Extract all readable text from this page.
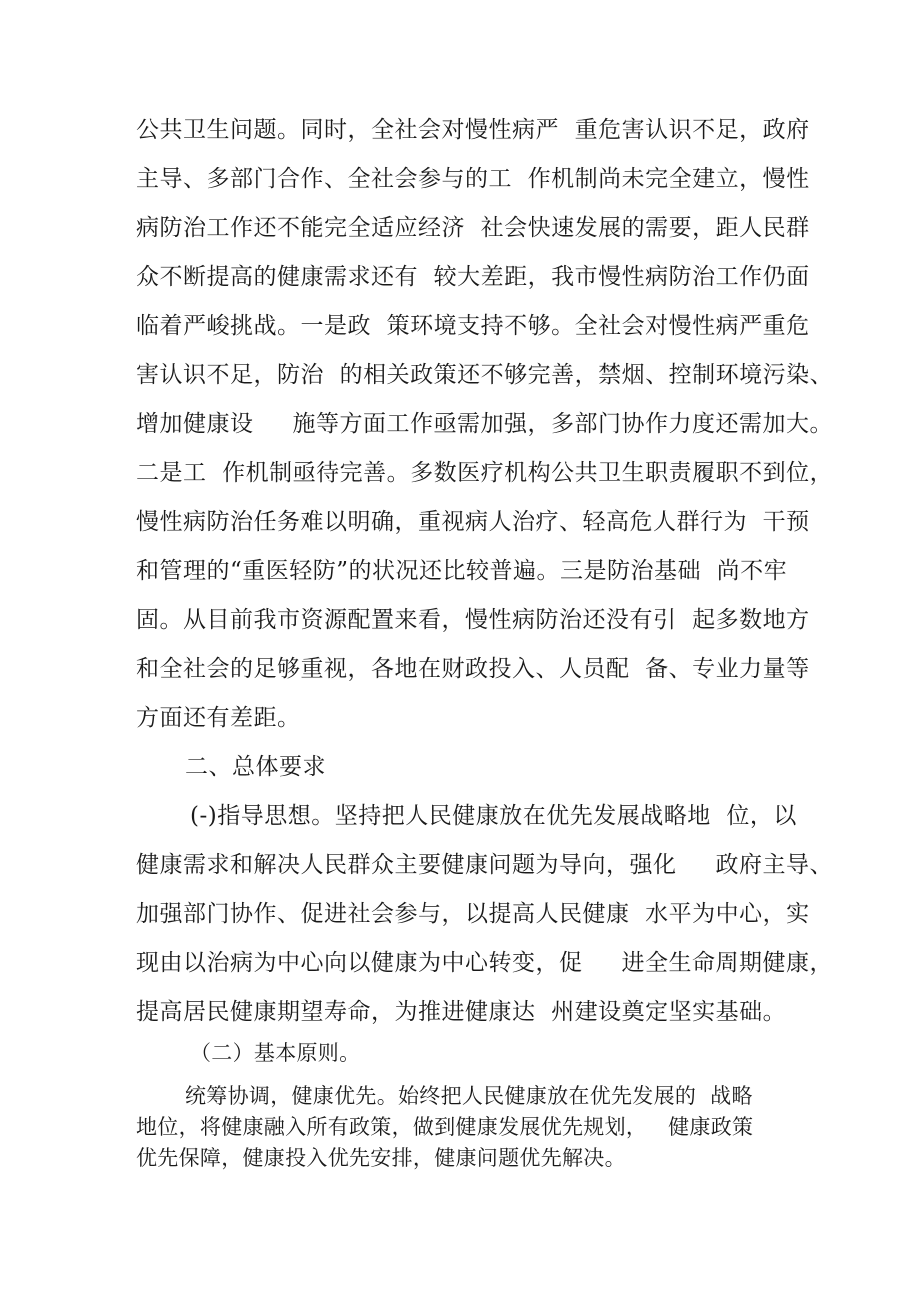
公共卫生问题。同时，全社会对慢性病严  重危害认识不足，政府
主导、多部门合作、全社会参与的工  作机制尚未完全建立，慢性
病防治工作还不能完全适应经济  社会快速发展的需要，距人民群
众不断提高的健康需求还有  较大差距，我市慢性病防治工作仍面
临着严峻挑战。一是政  策环境支持不够。全社会对慢性病严重危
害认识不足，防治  的相关政策还不够完善，禁烟、控制环境污染、
增加健康设     施等方面工作亟需加强，多部门协作力度还需加大。
二是工  作机制亟待完善。多数医疗机构公共卫生职责履职不到位，
慢性病防治任务难以明确，重视病人治疗、轻高危人群行为  干预
和管理的“重医轻防”的状况还比较普遍。三是防治基础  尚不牢
固。从目前我市资源配置来看，慢性病防治还没有引  起多数地方
和全社会的足够重视，各地在财政投入、人员配  备、专业力量等
方面还有差距。
二、总体要求
(-)指导思想。坚持把人民健康放在优先发展战略地  位，以
健康需求和解决人民群众主要健康问题为导向，强化     政府主导、
加强部门协作、促进社会参与，以提高人民健康  水平为中心，实
现由以治病为中心向以健康为中心转变，促     进全生命周期健康，
提高居民健康期望寿命，为推进健康达  州建设奠定坚实基础。
（二）基本原则。
统筹协调，健康优先。始终把人民健康放在优先发展的  战略
地位，将健康融入所有政策，做到健康发展优先规划，   健康政策
优先保障，健康投入优先安排，健康问题优先解决。
